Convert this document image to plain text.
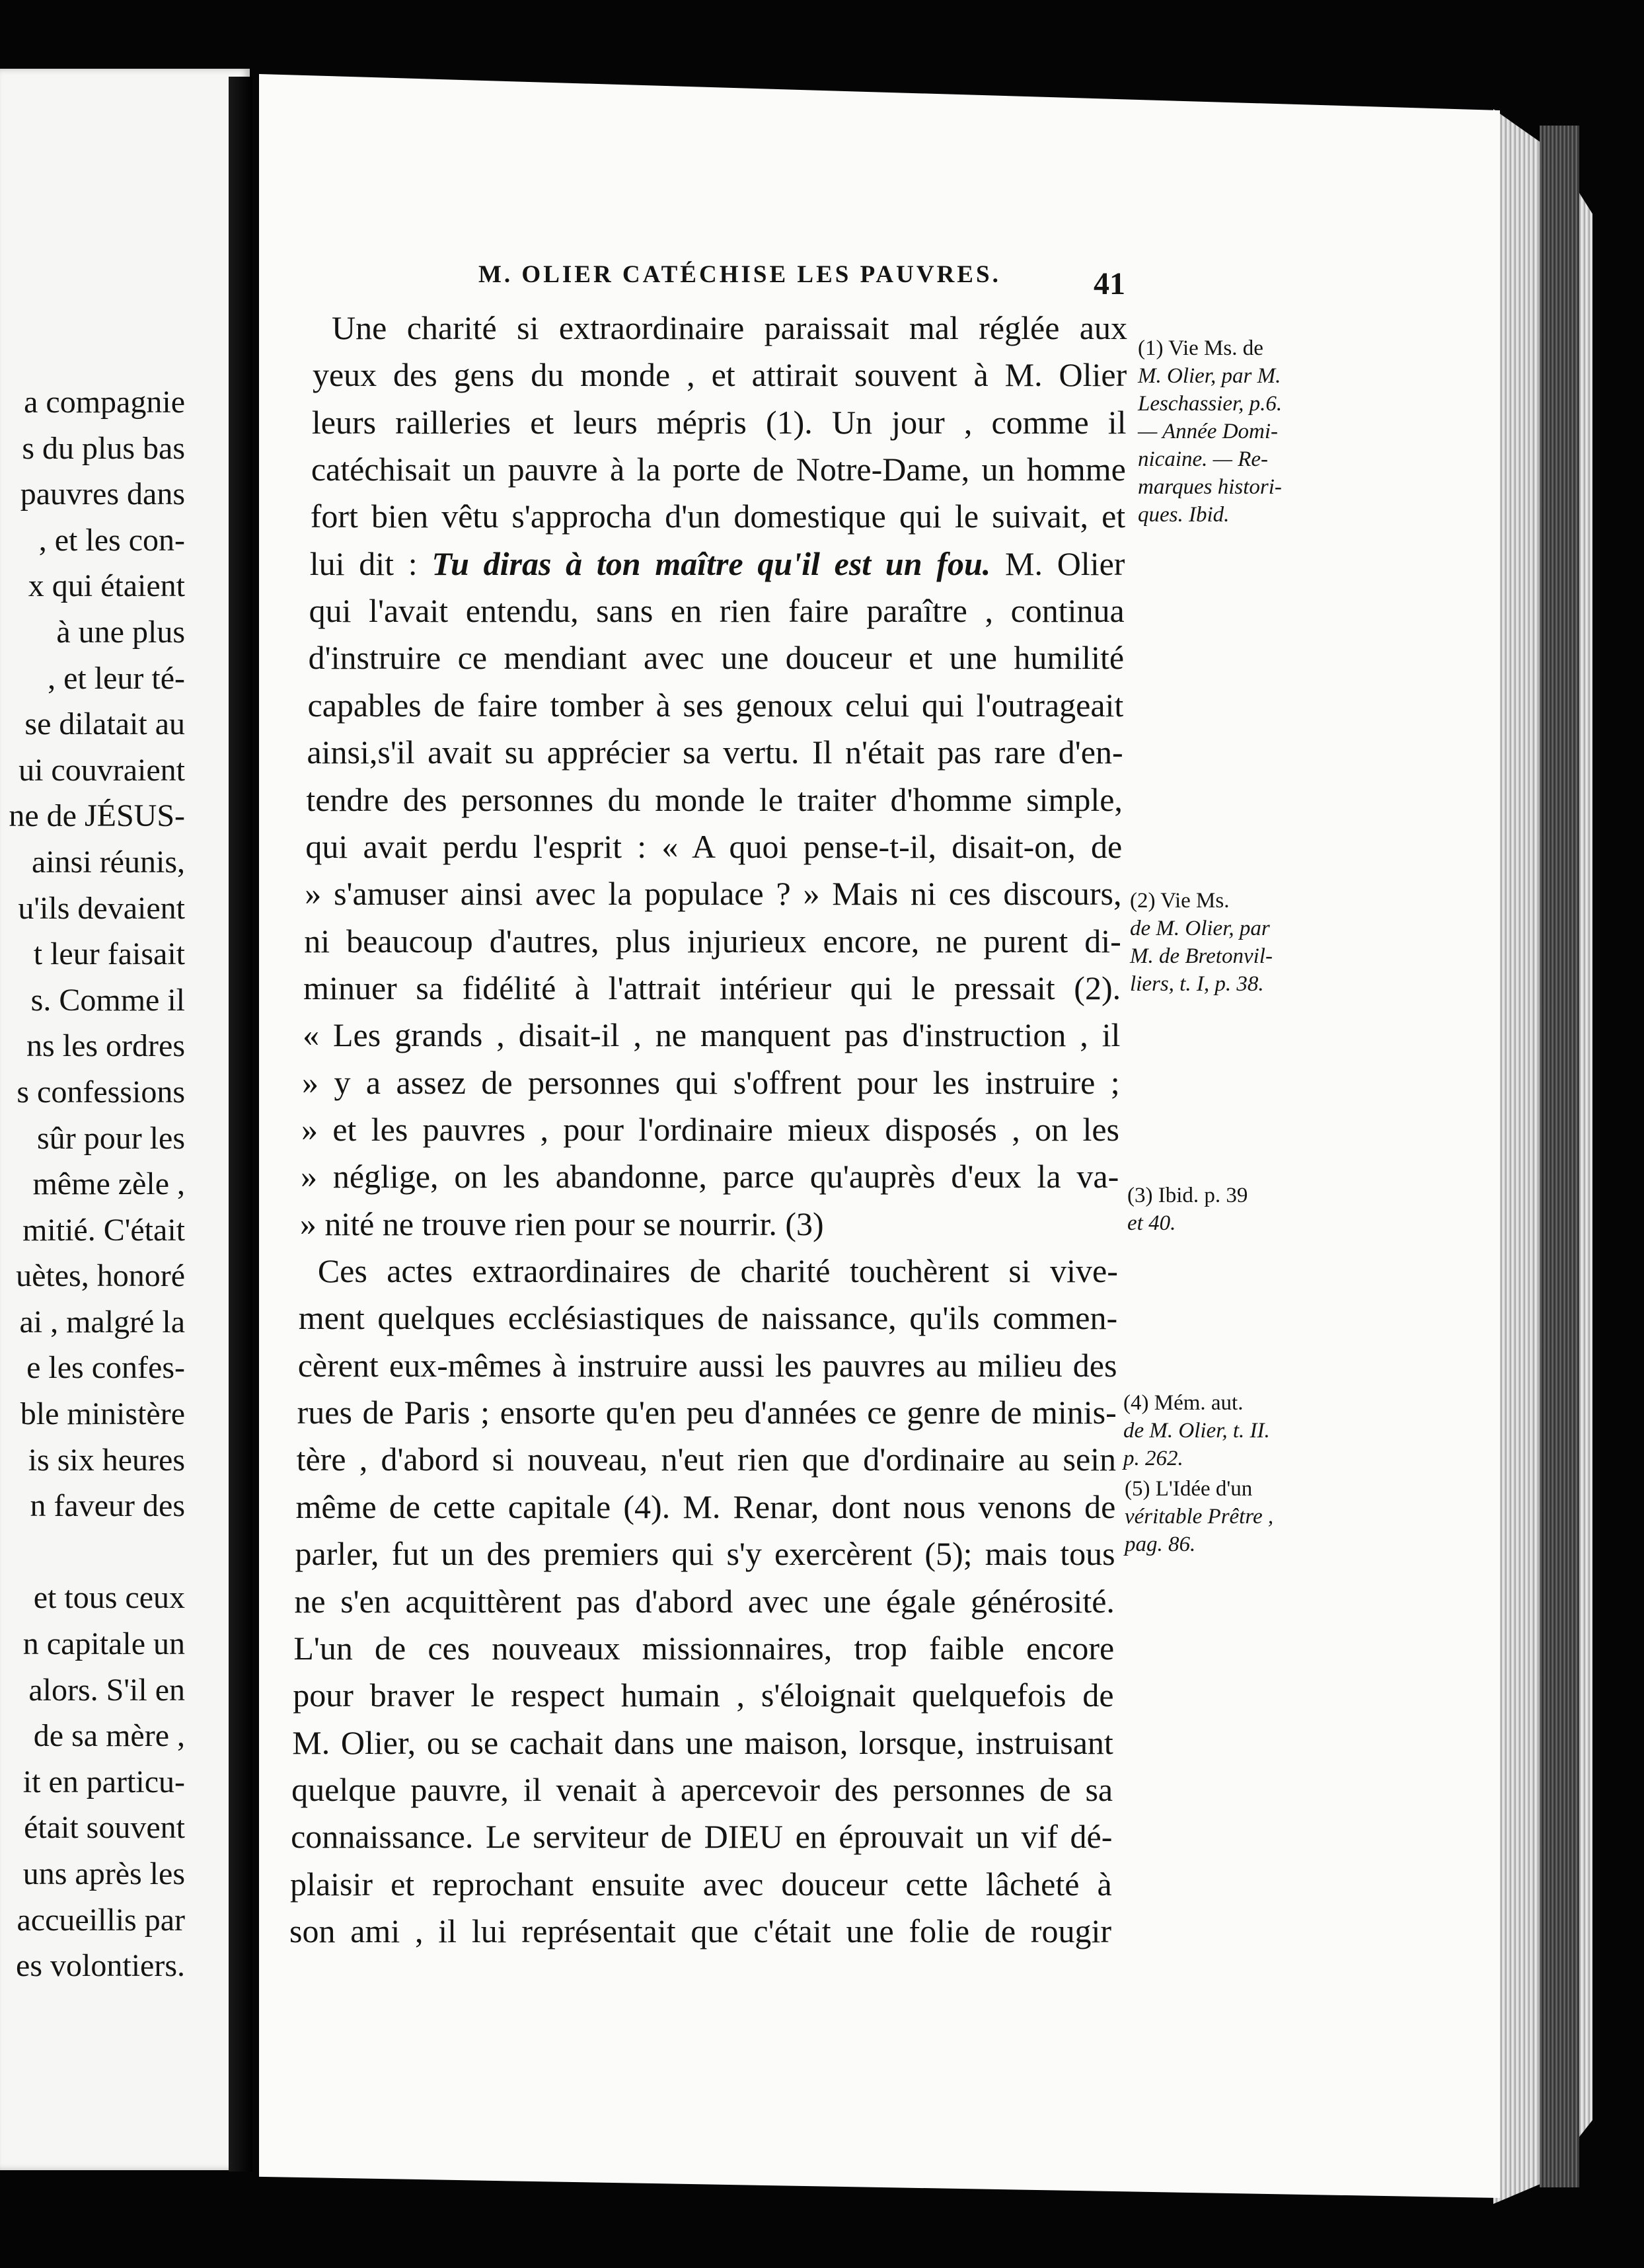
a compagnie
s du plus bas
pauvres dans
, et les con-
x qui étaient
à une plus
, et leur té-
se dilatait au
ui couvraient
ne de JÉSUS-
ainsi réunis,
u'ils devaient
t leur faisait
s. Comme il
ns les ordres
s confessions
sûr pour les
même zèle ,
mitié. C'était
uètes, honoré
ai , malgré la
e les confes-
ble ministère
is six heures
n faveur des
et tous ceux
n capitale un
alors. S'il en
de sa mère ,
it en particu-
était souvent
uns après les
accueillis par
es volontiers.
M. OLIER CATÉCHISE LES PAUVRES.	41
Une charité si extraordinaire paraissait mal réglée aux
yeux des gens du monde , et attirait souvent à M. Olier
leurs railleries et leurs mépris (1). Un jour , comme il
catéchisait un pauvre à la porte de Notre-Dame, un homme
fort bien vêtu s'approcha d'un domestique qui le suivait, et
lui dit : Tu diras à ton maître qu'il est un fou. M. Olier
qui l'avait entendu, sans en rien faire paraître , continua
d'instruire ce mendiant avec une douceur et une humilité
capables de faire tomber à ses genoux celui qui l'outrageait
ainsi,s'il avait su apprécier sa vertu. Il n'était pas rare d'en-
tendre des personnes du monde le traiter d'homme simple,
qui avait perdu l'esprit : « A quoi pense-t-il, disait-on, de
» s'amuser ainsi avec la populace ? » Mais ni ces discours,
ni beaucoup d'autres, plus injurieux encore, ne purent di-
minuer sa fidélité à l'attrait intérieur qui le pressait (2).
« Les grands , disait-il , ne manquent pas d'instruction , il
» y a assez de personnes qui s'offrent pour les instruire ;
» et les pauvres , pour l'ordinaire mieux disposés , on les
» néglige, on les abandonne, parce qu'auprès d'eux la va-
» nité ne trouve rien pour se nourrir. (3)
Ces actes extraordinaires de charité touchèrent si vive-
ment quelques ecclésiastiques de naissance, qu'ils commen-
cèrent eux-mêmes à instruire aussi les pauvres au milieu des
rues de Paris ; ensorte qu'en peu d'années ce genre de minis-
tère , d'abord si nouveau, n'eut rien que d'ordinaire au sein
même de cette capitale (4). M. Renar, dont nous venons de
parler, fut un des premiers qui s'y exercèrent (5); mais tous
ne s'en acquittèrent pas d'abord avec une égale générosité.
L'un de ces nouveaux missionnaires, trop faible encore
pour braver le respect humain , s'éloignait quelquefois de
M. Olier, ou se cachait dans une maison, lorsque, instruisant
quelque pauvre, il venait à apercevoir des personnes de sa
connaissance. Le serviteur de DIEU en éprouvait un vif dé-
plaisir et reprochant ensuite avec douceur cette lâcheté à
son ami , il lui représentait que c'était une folie de rougir
(1) Vie Ms. de
M. Olier, par M.
Leschassier, p.6.
— Année Domi-
nicaine. — Re-
marques histori-
ques. Ibid.
(2) Vie Ms.
de M. Olier, par
M. de Bretonvil-
liers, t. I, p. 38.
(3) Ibid. p. 39
et 40.
(4) Mém. aut.
de M. Olier, t. II.
p. 262.
(5) L'Idée d'un
véritable Prêtre ,
pag. 86.
